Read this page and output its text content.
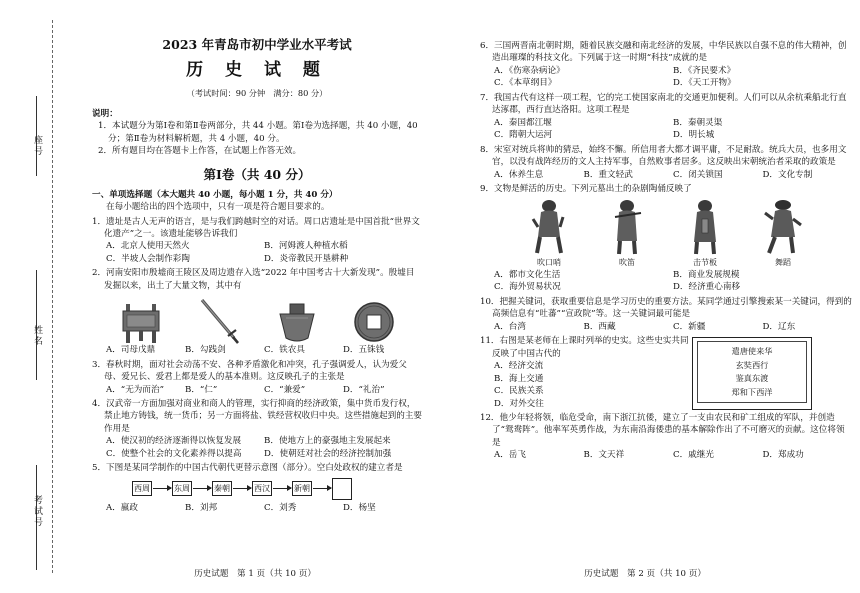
座号
姓名
考试号
2023 年青岛市初中学业水平考试
历 史 试 题
（考试时间：90 分钟　满分：80 分）
说明：

1．本试题分为第Ⅰ卷和第Ⅱ卷两部分，共 44 小题。第Ⅰ卷为选择题，共 40 小题，40 分；第Ⅱ卷为材料解析题，共 4 小题，40 分。

2．所有题目均在答题卡上作答，在试题上作答无效。

第Ⅰ卷（共 40 分）
一、单项选择题（本大题共 40 小题，每小题 1 分，共 40 分）
在每小题给出的四个选项中，只有一项是符合题目要求的。
1．遗址是古人无声的语言，是与我们跨越时空的对话。周口店遗址是中国首批“世界文化遗产”之一。该遗址能够告诉我们
A．北京人使用天然火	B．河姆渡人种植水稻
C．半坡人会制作彩陶	D．炎帝教民开垦耕种
2．河南安阳市殷墟商王陵区及周边遗存入选“2022 年中国考古十大新发现”。殷墟目发掘以来，出土了大量文物，其中有
A．司母戊鼎	B．勾践剑	C．铁农具	D．五铢钱
3．春秋时期，面对社会动荡不安、各种矛盾激化和冲突，孔子强调爱人，认为爱父母、爱兄长、爱君上都是爱人的基本准则。这反映孔子的主张是
A．“无为而治”	B．“仁”	C．“兼爱”	D．“礼治”
4．汉武帝一方面加强对商业和商人的管理，实行抑商的经济政策，集中货币发行权，禁止地方铸钱，统一货币；另一方面将盐、铁经营权收归中央。这些措施起到的主要作用是
A．使汉初的经济逐渐得以恢复发展	B．使地方上的豪强地主发展起来
C．使整个社会的文化素养得以提高	D．使朝廷对社会的经济控制加强
5．下图是某同学制作的中国古代朝代更替示意图（部分）。空白处政权的建立者是
西周	东周	秦朝	西汉	新朝
A．嬴政	B．刘邦	C．刘秀	D．杨坚
历史试题　第 1 页（共 10 页）
6．三国两晋南北朝时期，随着民族交融和南北经济的发展，中华民族以自强不息的伟大精神，创造出璀璨的科技文化。下列属于这一时期“科技”成就的是
A．《伤寒杂病论》	B．《齐民要术》
C．《本草纲目》	D．《天工开物》
7．我国古代有这样一项工程，它的完工使国家南北的交通更加便利。人们可以从余杭乘船北行直达涿郡，西行直达洛阳。这项工程是
A．秦国都江堰	B．秦朝灵渠
C．隋朝大运河	D．明长城
8．宋室对统兵将帅的猜忌，始终不懈。所信用者大都才调平庸，不足耐敌。统兵大员，也多用文官，以没有战阵经历的文人主持军事，自然败事者居多。这反映出宋朝统治者采取的政策是
A．休养生息	B．重文轻武	C．闭关锁国	D．文化专制
9．文物是鲜活的历史。下列元墓出土的杂剧陶俑反映了
吹口哨	吹笛	击节板	舞蹈
A．都市文化生活	B．商业发展规模
C．海外贸易状况	D．经济重心南移
10．把握关键词，获取重要信息是学习历史的重要方法。某同学通过引擎搜索某一关键词，得到的高频信息有“吐蕃”“宣政院”等。这一关键词最可能是
A．台湾	B．西藏	C．新疆	D．辽东
11．右图是某老师在上课时列举的史实。这些史实共同反映了中国古代的
A．经济交流
B．海上交通
C．民族关系
D．对外交往
遣唐使来华
玄奘西行
鉴真东渡
郑和下西洋
12．他少年轻将领，临危受命，南下浙江抗倭，建立了一支由农民和矿工组成的军队，并创造了“鸳鸯阵”。他率军英勇作战，为东南沿海倭患的基本解除作出了不可磨灭的贡献。这位将领是
A．岳飞	B．文天祥	C．戚继光	D．郑成功
历史试题　第 2 页（共 10 页）
